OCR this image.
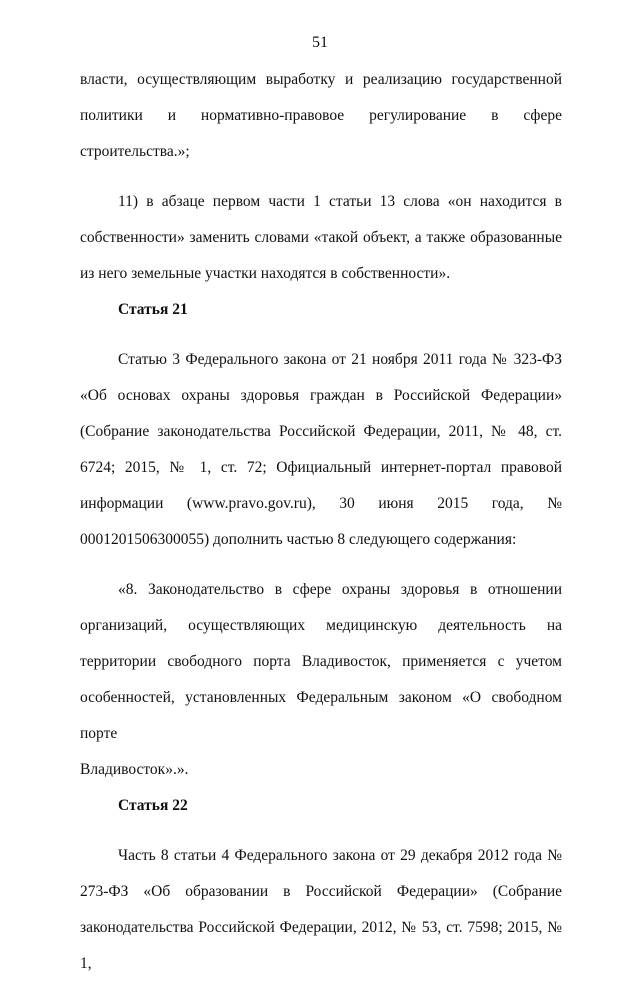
51

власти, осуществляющим выработку и реализацию государственной политики и нормативно-правовое регулирование в сфере строительства.»;

11) в абзаце первом части 1 статьи 13 слова «он находится в собственности» заменить словами «такой объект, а также образованные из него земельные участки находятся в собственности».

Статья 21

Статью 3 Федерального закона от 21 ноября 2011 года № 323-ФЗ «Об основах охраны здоровья граждан в Российской Федерации» (Собрание законодательства Российской Федерации, 2011, № 48, ст. 6724; 2015, № 1, ст. 72; Официальный интернет-портал правовой информации (www.pravo.gov.ru), 30 июня 2015 года, № 0001201506300055) дополнить частью 8 следующего содержания:

«8. Законодательство в сфере охраны здоровья в отношении организаций, осуществляющих медицинскую деятельность на территории свободного порта Владивосток, применяется с учетом особенностей, установленных Федеральным законом «О свободном порте

Владивосток».».

Статья 22

Часть 8 статьи 4 Федерального закона от 29 декабря 2012 года № 273-ФЗ «Об образовании в Российской Федерации» (Собрание законодательства Российской Федерации, 2012, № 53, ст. 7598; 2015, № 1,
